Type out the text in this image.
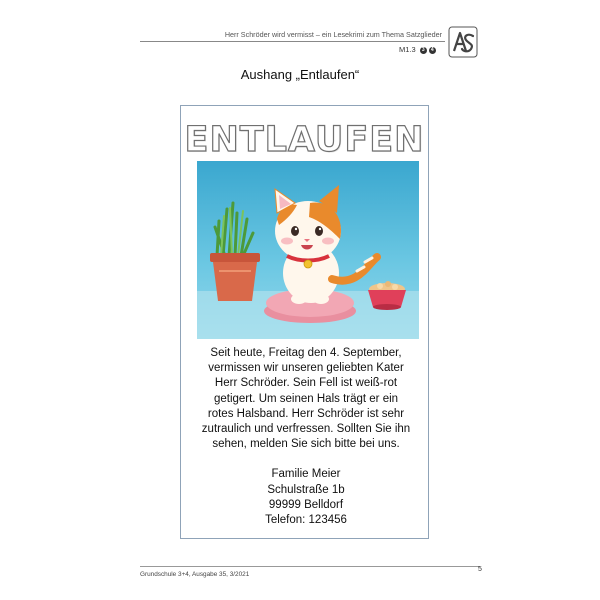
Herr Schröder wird vermisst – ein Lesekrimi zum Thema Satzglieder
M1.3 3 4
Aushang „Entlaufen“
ENTLAUFEN

Seit heute, Freitag den 4. September, vermissen wir unseren geliebten Kater Herr Schröder. Sein Fell ist weiß-rot getigert. Um seinen Hals trägt er ein rotes Halsband. Herr Schröder ist sehr zutraulich und verfressen. Sollten Sie ihn sehen, melden Sie sich bitte bei uns.

Familie Meier

Schulstraße 1b

99999 Belldorf

Telefon: 123456

Grundschule 3+4, Ausgabe 35, 3/2021
5
